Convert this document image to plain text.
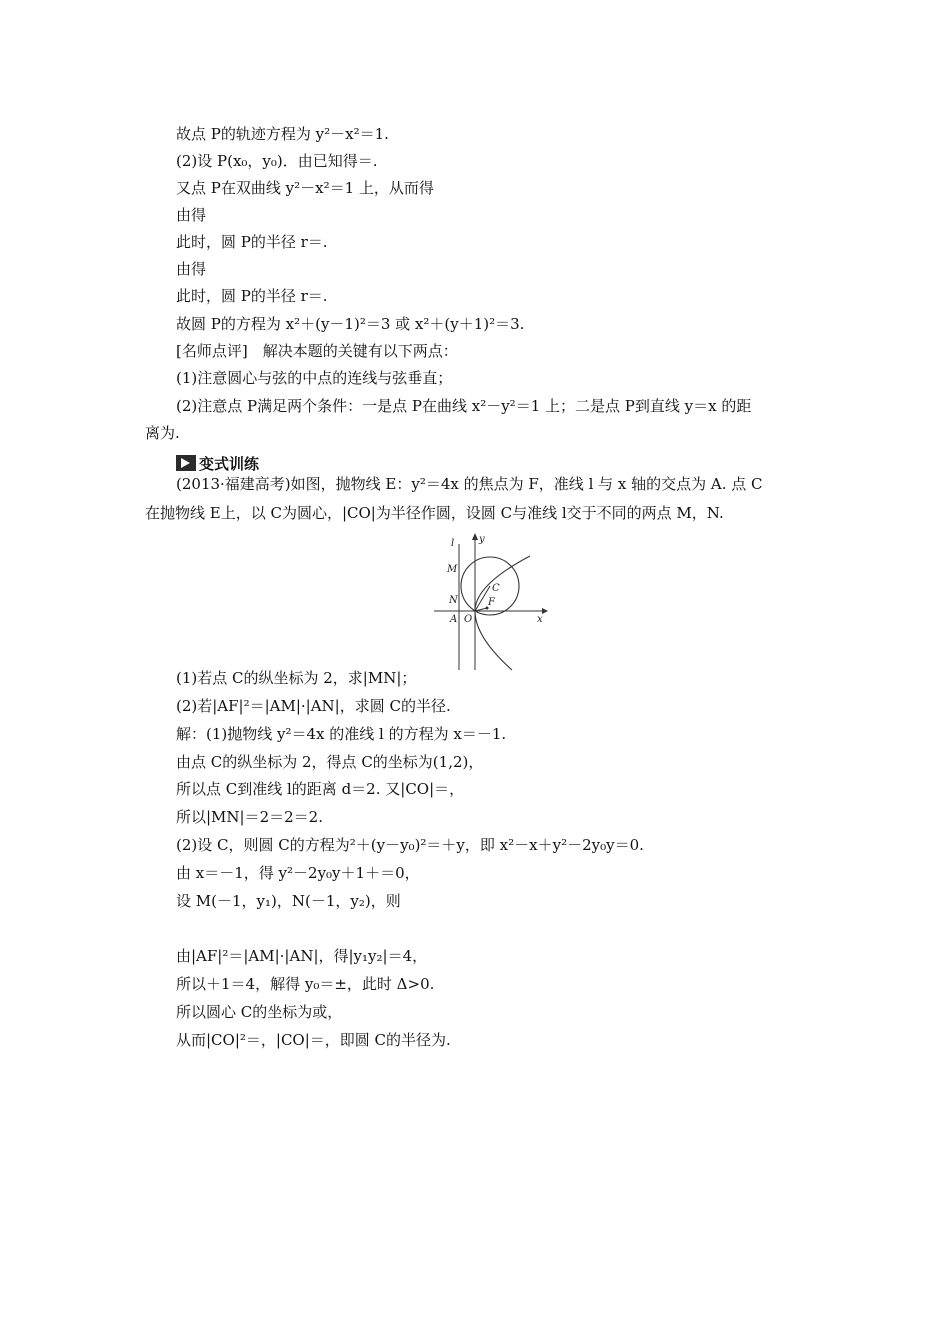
故点 P的轨迹方程为 y²－x²＝1.
(2)设 P(x₀，y₀)．由已知得＝.
又点 P在双曲线 y²－x²＝1 上，从而得
由得
此时，圆 P的半径 r＝.
由得
此时，圆 P的半径 r＝.
故圆 P的方程为 x²＋(y－1)²＝3 或 x²＋(y＋1)²＝3.
[名师点评]　解决本题的关键有以下两点：
(1)注意圆心与弦的中点的连线与弦垂直；
(2)注意点 P满足两个条件：一是点 P在曲线 x²－y²＝1 上；二是点 P到直线 y＝x 的距
离为.
变式训练
(2013·福建高考)如图，抛物线 E：y²＝4x 的焦点为 F，准线 l 与 x 轴的交点为 A. 点 C
在抛物线 E上，以 C为圆心，|CO|为半径作圆，设圆 C与准线 l交于不同的两点 M，N.
l y
M
C
N	F
A O	x
(1)若点 C的纵坐标为 2，求|MN|；
(2)若|AF|²＝|AM|·|AN|，求圆 C的半径.
解：(1)抛物线 y²＝4x 的准线 l 的方程为 x＝－1.
由点 C的纵坐标为 2，得点 C的坐标为(1,2)，
所以点 C到准线 l的距离 d＝2. 又|CO|＝，
所以|MN|＝2＝2＝2.
(2)设 C，则圆 C的方程为²＋(y－y₀)²＝＋y，即 x²－x＋y²－2y₀y＝0.
由 x＝－1，得 y²－2y₀y＋1＋＝0，
设 M(－1，y₁)，N(－1，y₂)，则
由|AF|²＝|AM|·|AN|，得|y₁y₂|＝4，
所以＋1＝4，解得 y₀＝±，此时 Δ>0.
所以圆心 C的坐标为或，
从而|CO|²＝，|CO|＝，即圆 C的半径为.
